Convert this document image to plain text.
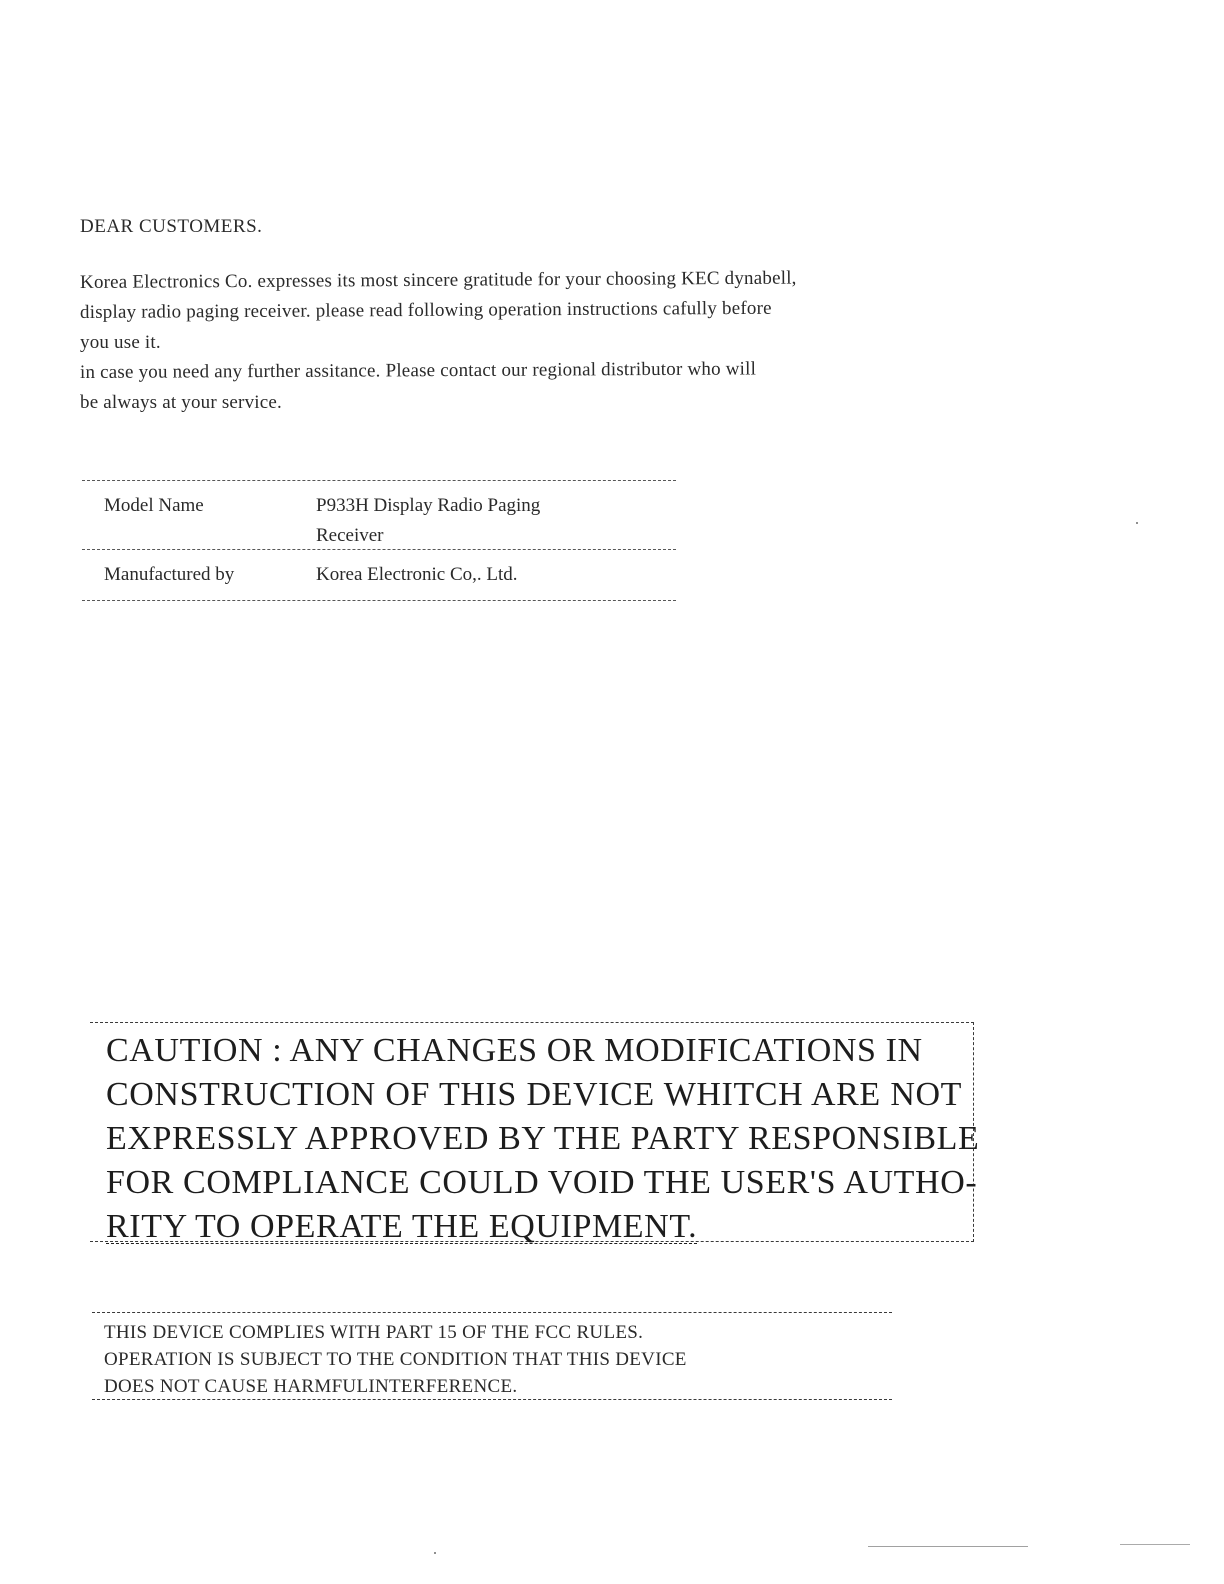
DEAR CUSTOMERS.
Korea Electronics Co. expresses its most sincere gratitude for your choosing KEC dynabell,
display radio paging receiver. please read following operation instructions cafully before
you use it.
in case you need any further assitance. Please contact our regional distributor who will
be always at your service.
Model Name	P933H Display Radio Paging
Receiver
Manufactured by	Korea Electronic Co,. Ltd.
CAUTION : ANY CHANGES OR MODIFICATIONS IN
CONSTRUCTION OF THIS DEVICE WHITCH ARE NOT
EXPRESSLY APPROVED BY THE PARTY RESPONSIBLE
FOR COMPLIANCE COULD VOID THE USER'S AUTHO-
RITY TO OPERATE THE EQUIPMENT.
THIS DEVICE COMPLIES WITH PART 15 OF THE FCC RULES.
OPERATION IS SUBJECT TO THE CONDITION THAT THIS DEVICE
DOES NOT CAUSE HARMFULINTERFERENCE.
